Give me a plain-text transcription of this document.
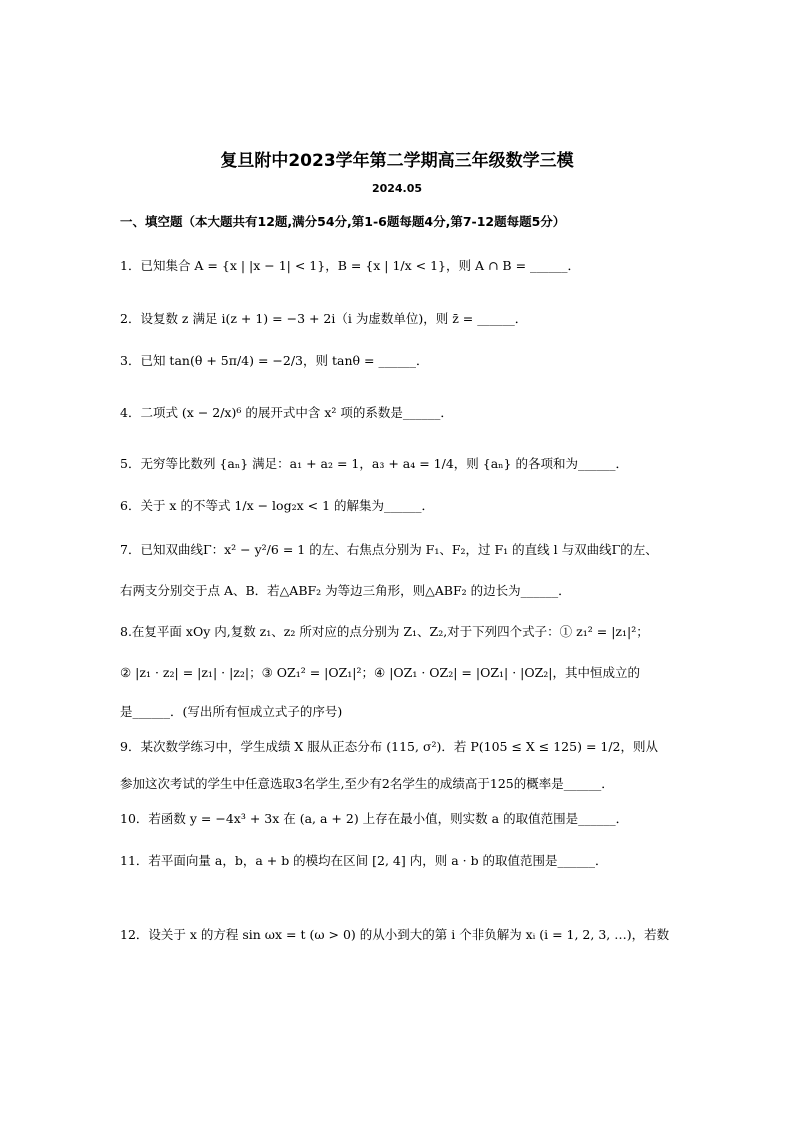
复旦附中2023学年第二学期高三年级数学三模
2024.05
一、填空题（本大题共有12题,满分54分,第1-6题每题4分,第7-12题每题5分）
1．已知集合 A = {x | |x − 1| < 1}，B = {x | 1/x < 1}，则 A ∩ B = ______．
2．设复数 z 满足 i(z + 1) = −3 + 2i（i 为虚数单位)，则 z̄ = ______．
3．已知 tan(θ + 5π/4) = −2/3，则 tanθ = ______．
4．二项式 (x − 2/x)⁶ 的展开式中含 x² 项的系数是______．
5．无穷等比数列 {aₙ} 满足：a₁ + a₂ = 1，a₃ + a₄ = 1/4，则 {aₙ} 的各项和为______．
6．关于 x 的不等式 1/x − log₂x < 1 的解集为______．
7．已知双曲线Γ：x² − y²/6 = 1 的左、右焦点分别为 F₁、F₂，过 F₁ 的直线 l 与双曲线Γ的左、
右两支分别交于点 A、B．若△ABF₂ 为等边三角形，则△ABF₂ 的边长为______．
8.在复平面 xOy 内,复数 z₁、z₂ 所对应的点分别为 Z₁、Z₂,对于下列四个式子：① z₁² = |z₁|²；
② |z₁ · z₂| = |z₁| · |z₂|；③ OZ₁² = |OZ₁|²；④ |OZ₁ · OZ₂| = |OZ₁| · |OZ₂|，其中恒成立的
是______．(写出所有恒成立式子的序号)
9．某次数学练习中，学生成绩 X 服从正态分布 (115, σ²)．若 P(105 ≤ X ≤ 125) = 1/2，则从
参加这次考试的学生中任意选取3名学生,至少有2名学生的成绩高于125的概率是______．
10．若函数 y = −4x³ + 3x 在 (a, a + 2) 上存在最小值，则实数 a 的取值范围是______．
11．若平面向量 a，b，a + b 的模均在区间 [2, 4] 内，则 a · b 的取值范围是______．
12．设关于 x 的方程 sin ωx = t (ω > 0) 的从小到大的第 i 个非负解为 xᵢ (i = 1, 2, 3, …)，若数
